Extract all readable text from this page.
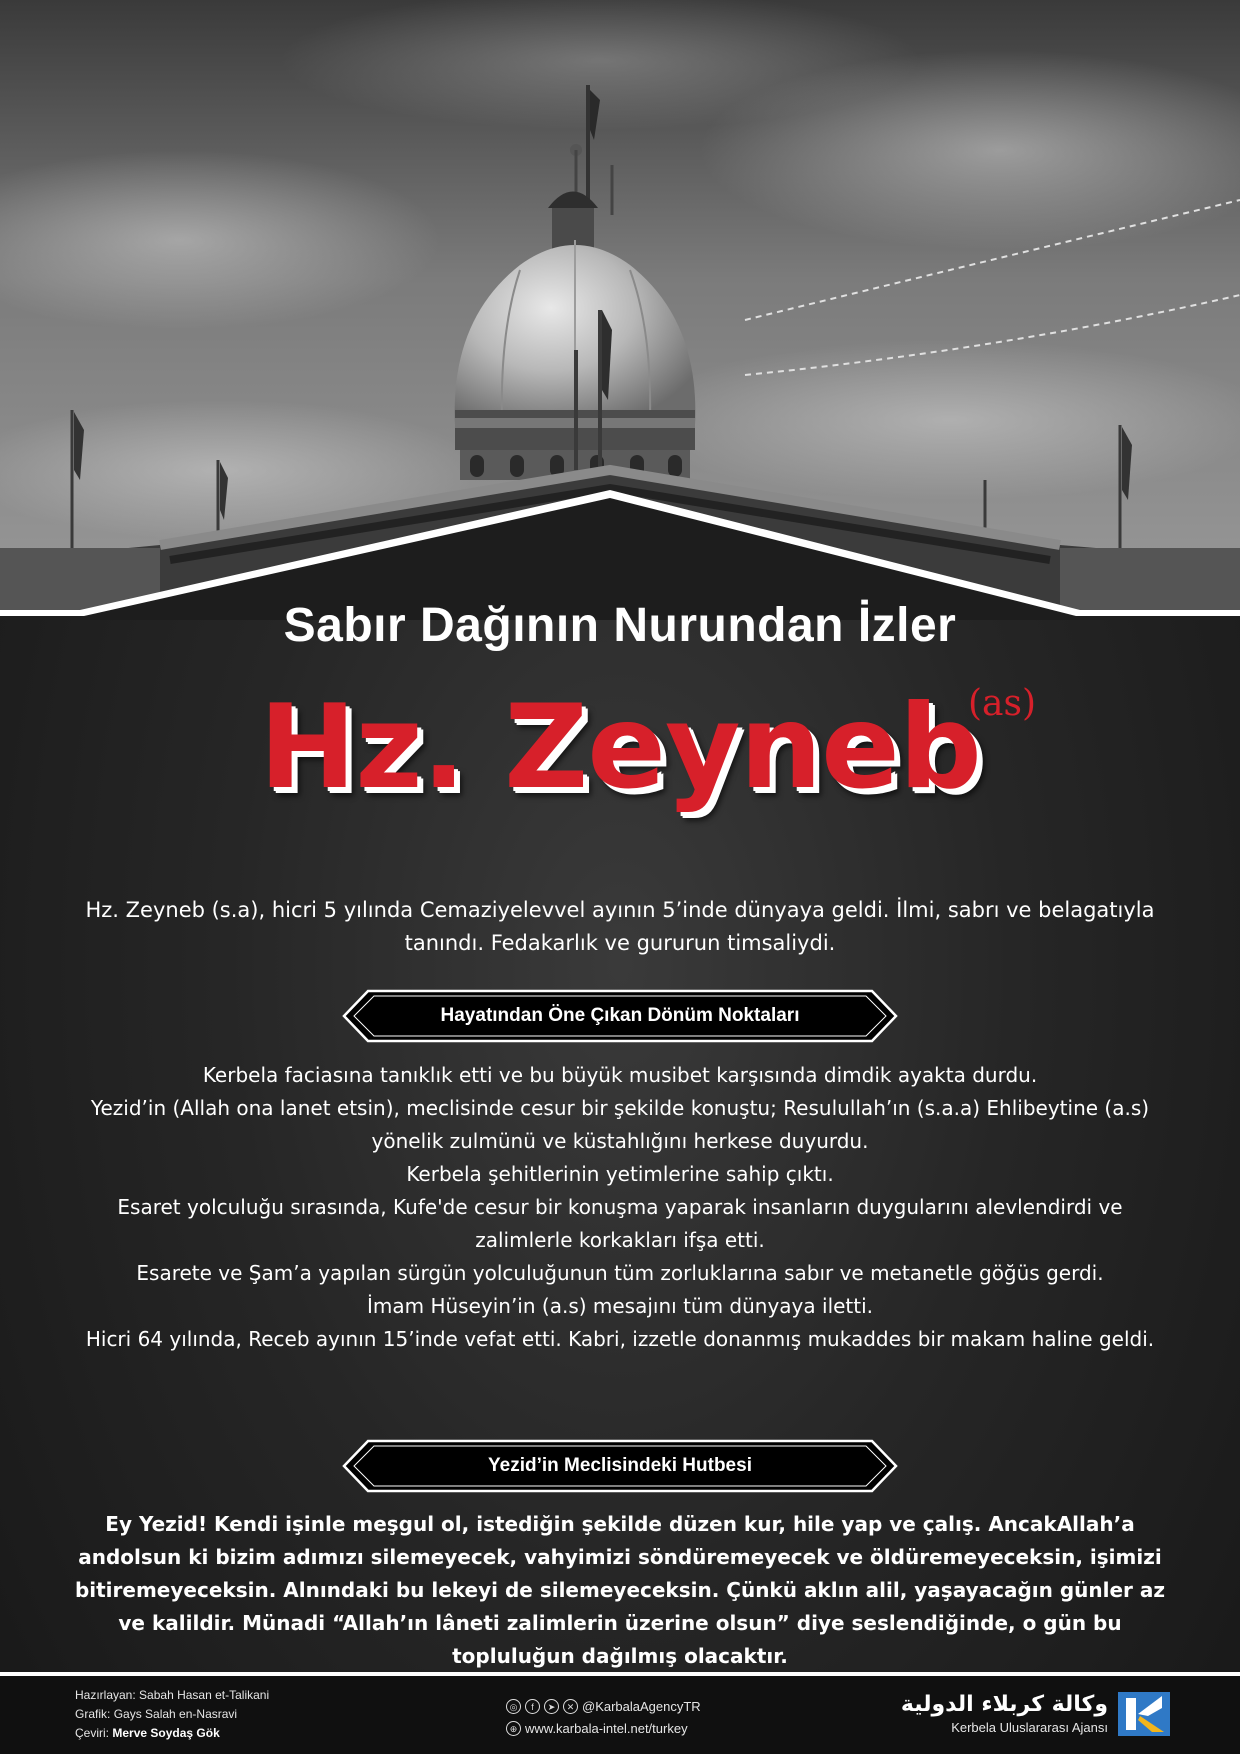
Sabır Dağının Nurundan İzler
Hz. Zeyneb
(as)
Hz. Zeyneb (s.a), hicri 5 yılında Cemaziyelevvel ayının 5’inde dünyaya geldi. İlmi, sabrı ve belagatıyla tanındı. Fedakarlık ve gururun timsaliydi.
Hayatından Öne Çıkan Dönüm Noktaları

Kerbela faciasına tanıklık etti ve bu büyük musibet karşısında dimdik ayakta durdu.

Yezid’in (Allah ona lanet etsin), meclisinde cesur bir şekilde konuştu; Resulullah’ın (s.a.a) Ehlibeytine (a.s) yönelik zulmünü ve küstahlığını herkese duyurdu.

Kerbela şehitlerinin yetimlerine sahip çıktı.

Esaret yolculuğu sırasında, Kufe'de cesur bir konuşma yaparak insanların duygularını alevlendirdi ve zalimlerle korkakları ifşa etti.

Esarete ve Şam’a yapılan sürgün yolculuğunun tüm zorluklarına sabır ve metanetle göğüs gerdi.

İmam Hüseyin’in (a.s) mesajını tüm dünyaya iletti.

Hicri 64 yılında, Receb ayının 15’inde vefat etti. Kabri, izzetle donanmış mukaddes bir makam haline geldi.

Yezid’in Meclisindeki Hutbesi
Ey Yezid! Kendi işinle meşgul ol, istediğin şekilde düzen kur, hile yap ve çalış. AncakAllah’a andolsun ki bizim adımızı silemeyecek, vahyimizi söndüremeyecek ve öldüremeyeceksin, işimizi bitiremeyeceksin. Alnındaki bu lekeyi de silemeyeceksin. Çünkü aklın alil, yaşayacağın günler az ve kalildir. Münadi “Allah’ın lâneti zalimlerin üzerine olsun” diye seslendiğinde, o gün bu topluluğun dağılmış olacaktır.
Hazırlayan: Sabah Hasan et-Talikani
Grafik: Gays Salah en-Nasravi
Çeviri: Merve Soydaş Gök
◎	f	➤	✕ @KarbalaAgencyTR
⊕ www.karbala-intel.net/turkey
وكالة كربلاء الدولية
Kerbela Uluslararası Ajansı
